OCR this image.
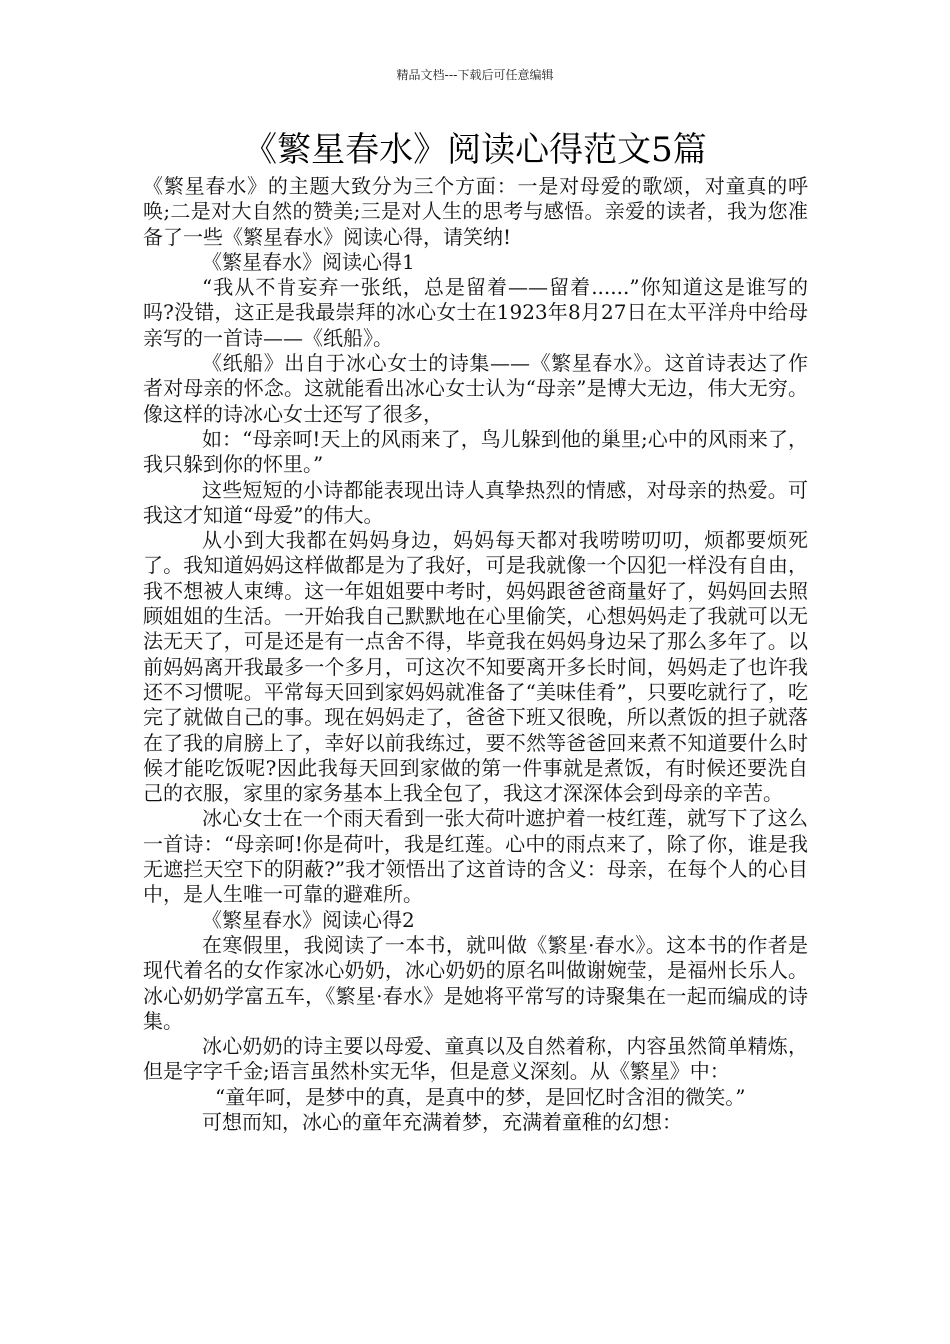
精品文档---下载后可任意编辑
《繁星春水》阅读心得范文5篇

《繁星春水》的主题大致分为三个方面：一是对母爱的歌颂，对童真的呼唤;二是对大自然的赞美;三是对人生的思考与感悟。亲爱的读者，我为您准备了一些《繁星春水》阅读心得，请笑纳!

《繁星春水》阅读心得1

“我从不肯妄弃一张纸，总是留着——留着......”你知道这是谁写的吗?没错，这正是我最崇拜的冰心女士在1923年8月27日在太平洋舟中给母亲写的一首诗——《纸船》。

《纸船》出自于冰心女士的诗集——《繁星春水》。这首诗表达了作者对母亲的怀念。这就能看出冰心女士认为“母亲”是博大无边，伟大无穷。像这样的诗冰心女士还写了很多，

如：“母亲呵!天上的风雨来了，鸟儿躲到他的巢里;心中的风雨来了，我只躲到你的怀里。”

这些短短的小诗都能表现出诗人真挚热烈的情感，对母亲的热爱。可我这才知道“母爱”的伟大。

从小到大我都在妈妈身边，妈妈每天都对我唠唠叨叨，烦都要烦死了。我知道妈妈这样做都是为了我好，可是我就像一个囚犯一样没有自由，我不想被人束缚。这一年姐姐要中考时，妈妈跟爸爸商量好了，妈妈回去照顾姐姐的生活。一开始我自己默默地在心里偷笑，心想妈妈走了我就可以无法无天了，可是还是有一点舍不得，毕竟我在妈妈身边呆了那么多年了。以前妈妈离开我最多一个多月，可这次不知要离开多长时间，妈妈走了也许我还不习惯呢。平常每天回到家妈妈就准备了“美味佳肴”，只要吃就行了，吃完了就做自己的事。现在妈妈走了，爸爸下班又很晚，所以煮饭的担子就落在了我的肩膀上了，幸好以前我练过，要不然等爸爸回来煮不知道要什么时候才能吃饭呢?因此我每天回到家做的第一件事就是煮饭，有时候还要洗自己的衣服，家里的家务基本上我全包了，我这才深深体会到母亲的辛苦。

冰心女士在一个雨天看到一张大荷叶遮护着一枝红莲，就写下了这么一首诗：“母亲呵!你是荷叶，我是红莲。心中的雨点来了，除了你，谁是我无遮拦天空下的阴蔽?”我才领悟出了这首诗的含义：母亲，在每个人的心目中，是人生唯一可靠的避难所。

《繁星春水》阅读心得2

在寒假里，我阅读了一本书，就叫做《繁星·春水》。这本书的作者是现代着名的女作家冰心奶奶，冰心奶奶的原名叫做谢婉莹，是福州长乐人。冰心奶奶学富五车，《繁星·春水》是她将平常写的诗聚集在一起而编成的诗集。

冰心奶奶的诗主要以母爱、童真以及自然着称，内容虽然简单精炼，但是字字千金;语言虽然朴实无华，但是意义深刻。从《繁星》中：

“童年呵，是梦中的真，是真中的梦，是回忆时含泪的微笑。”

可想而知，冰心的童年充满着梦，充满着童稚的幻想：
